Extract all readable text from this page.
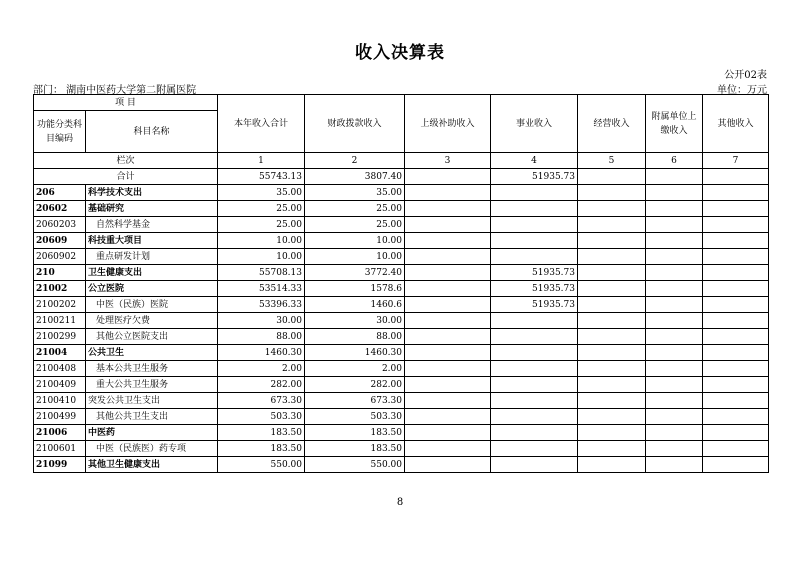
收入决算表
公开02表
部门： 湖南中医药大学第二附属医院	单位：万元
项 目		本年收入合计	财政拨款收入	上级补助收入	事业收入	经营收入	附属单位上缴收入	其他收入
功能分类科目编码	科目名称							

栏次		1	2	3	4	5	6	7
合计		55743.13	3807.40		51935.73			
206	科学技术支出	35.00	35.00					
20602	基础研究	25.00	25.00					
2060203	自然科学基金	25.00	25.00					
20609	科技重大项目	10.00	10.00					
2060902	重点研发计划	10.00	10.00					
210	卫生健康支出	55708.13	3772.40		51935.73			
21002	公立医院	53514.33	1578.6		51935.73			
2100202	中医（民族）医院	53396.33	1460.6		51935.73			
2100211	处理医疗欠费	30.00	30.00					
2100299	其他公立医院支出	88.00	88.00					
21004	公共卫生	1460.30	1460.30					
2100408	基本公共卫生服务	2.00	2.00					
2100409	重大公共卫生服务	282.00	282.00					
2100410	突发公共卫生支出	673.30	673.30					
2100499	其他公共卫生支出	503.30	503.30					
21006	中医药	183.50	183.50					
2100601	中医（民族医）药专项	183.50	183.50					
21099	其他卫生健康支出	550.00	550.00					
8
